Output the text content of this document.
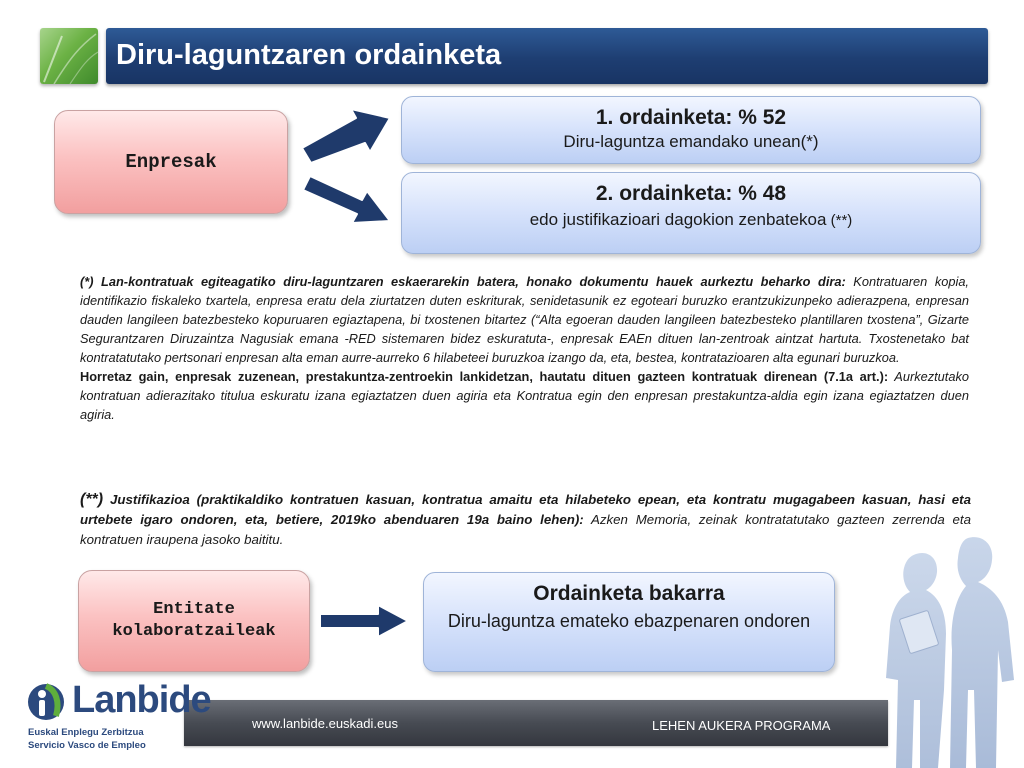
Diru-laguntzaren ordainketa
Enpresak
1. ordainketa: % 52
Diru-laguntza emandako unean(*)
2. ordainketa: % 48
edo justifikazioari dagokion zenbatekoa (**)

(*) Lan-kontratuak egiteagatiko diru-laguntzaren eskaerarekin batera, honako dokumentu hauek aurkeztu beharko dira: Kontratuaren kopia, identifikazio fiskaleko txartela, enpresa eratu dela ziurtatzen duten eskriturak, senidetasunik ez egoteari buruzko erantzukizunpeko adierazpena, enpresan dauden langileen batezbesteko kopuruaren egiaztapena, bi txostenen bitartez (“Alta egoeran dauden langileen batezbesteko plantillaren txostena”, Gizarte Segurantzaren Diruzaintza Nagusiak emana -RED sistemaren bidez eskuratuta-, enpresak EAEn dituen lan-zentroak aintzat hartuta. Txostenetako bat kontratatutako pertsonari enpresan alta eman aurre-aurreko 6 hilabeteei buruzkoa izango da, eta, bestea, kontratazioaren alta egunari buruzkoa.

Horretaz gain, enpresak zuzenean, prestakuntza-zentroekin lankidetzan, hautatu dituen gazteen kontratuak direnean (7.1a art.): Aurkeztutako kontratuan adierazitako titulua eskuratu izana egiaztatzen duen agiria eta Kontratua egin den enpresan prestakuntza-aldia egin izana egiaztatzen duen agiria.

(**) Justifikazioa (praktikaldiko kontratuen kasuan, kontratua amaitu eta hilabeteko epean, eta kontratu mugagabeen kasuan, hasi eta urtebete igaro ondoren, eta, betiere, 2019ko abenduaren 19a baino lehen): Azken Memoria, zeinak kontratatutako gazteen zerrenda eta kontratuen iraupena jasoko baititu.
Entitate
kolaboratzaileak
Ordainketa bakarra
Diru-laguntza emateko ebazpenaren ondoren
www.lanbide.euskadi.eus	LEHEN AUKERA PROGRAMA
Lanbide
Euskal Enplegu Zerbitzua
Servicio Vasco de Empleo
